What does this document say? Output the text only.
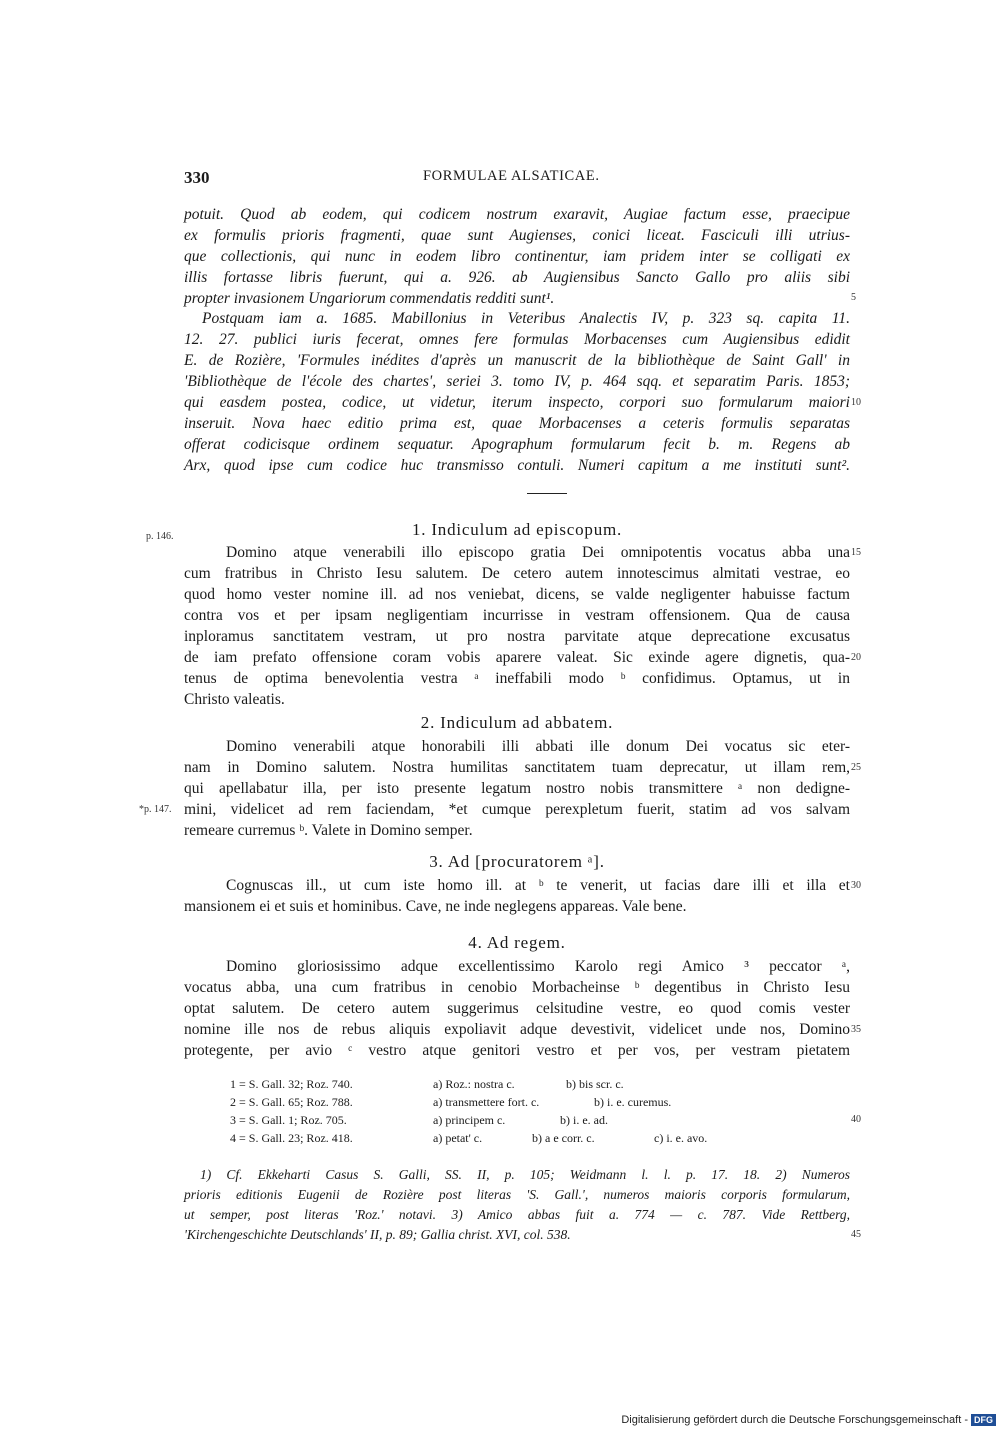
330	FORMULAE ALSATICAE.
potuit. Quod ab eodem, qui codicem nostrum exaravit, Augiae factum esse, praecipue
ex formulis prioris fragmenti, quae sunt Augienses, conici liceat. Fasciculi illi utrius-
que collectionis, qui nunc in eodem libro continentur, iam pridem inter se colligati ex
illis fortasse libris fuerunt, qui a. 926. ab Augiensibus Sancto Gallo pro aliis sibi
propter invasionem Ungariorum commendatis redditi sunt¹.
Postquam iam a. 1685. Mabillonius in Veteribus Analectis IV, p. 323 sq. capita 11.
12. 27. publici iuris fecerat, omnes fere formulas Morbacenses cum Augiensibus edidit
E. de Rozière, 'Formules inédites d'après un manuscrit de la bibliothèque de Saint Gall' in
'Bibliothèque de l'école des chartes', seriei 3. tomo IV, p. 464 sqq. et separatim Paris. 1853;
qui easdem postea, codice, ut videtur, iterum inspecto, corpori suo formularum maiori
inseruit. Nova haec editio prima est, quae Morbacenses a ceteris formulis separatas
offerat codicisque ordinem sequatur. Apographum formularum fecit b. m. Regens ab
Arx, quod ipse cum codice huc transmisso contuli. Numeri capitum a me instituti sunt².
p. 146.	1. Indiculum ad episcopum.
Domino atque venerabili illo episcopo gratia Dei omnipotentis vocatus abba una
cum fratribus in Christo Iesu salutem. De cetero autem innotescimus almitati vestrae, eo
quod homo vester nomine ill. ad nos veniebat, dicens, se valde negligenter habuisse factum
contra vos et per ipsam negligentiam incurrisse in vestram offensionem. Qua de causa
inploramus sanctitatem vestram, ut pro nostra parvitate atque deprecatione excusatus
de iam prefato offensione coram vobis aparere valeat. Sic exinde agere dignetis, qua-
tenus de optima benevolentia vestra ᵃ ineffabili modo ᵇ confidimus. Optamus, ut in
Christo valeatis.
2. Indiculum ad abbatem.
Domino venerabili atque honorabili illi abbati ille donum Dei vocatus sic eter-
nam in Domino salutem. Nostra humilitas sanctitatem tuam deprecatur, ut illam rem,
qui apellabatur illa, per isto presente legatum nostro nobis transmittere ᵃ non dedigne-
*p. 147. mini, videlicet ad rem faciendam, *et cumque perexpletum fuerit, statim ad vos salvam
remeare curremus ᵇ. Valete in Domino semper.
3. Ad [procuratorem ᵃ].
Cognuscas ill., ut cum iste homo ill. at ᵇ te venerit, ut facias dare illi et illa et
mansionem ei et suis et hominibus. Cave, ne inde neglegens appareas. Vale bene.
4. Ad regem.
Domino gloriosissimo adque excellentissimo Karolo regi Amico ³ peccator ᵃ,
vocatus abba, una cum fratribus in cenobio Morbacheinse ᵇ degentibus in Christo Iesu
optat salutem. De cetero autem suggerimus celsitudine vestre, eo quod comis vester
nomine ille nos de rebus aliquis expoliavit adque devestivit, videlicet unde nos, Domino
protegente, per avio ᶜ vestro atque genitori vestro et per vos, per vestram pietatem
1 = S. Gall. 32; Roz. 740.	a) Roz.: nostra c.	b) bis scr. c.
2 = S. Gall. 65; Roz. 788.	a) transmettere fort. c.	b) i. e. curemus.
3 = S. Gall. 1; Roz. 705.	a) principem c.	b) i. e. ad.
4 = S. Gall. 23; Roz. 418.	a) petat' c.	b) a e corr. c.	c) i. e. avo.
1) Cf. Ekkeharti Casus S. Galli, SS. II, p. 105; Weidmann l. l. p. 17. 18. 2) Numeros
prioris editionis Eugenii de Rozière post literas 'S. Gall.', numeros maioris corporis formularum,
ut semper, post literas 'Roz.' notavi. 3) Amico abbas fuit a. 774 — c. 787. Vide Rettberg,
'Kirchengeschichte Deutschlands' II, p. 89; Gallia christ. XVI, col. 538.
5
10
15
20
25
30
35
40
45
Digitalisierung gefördert durch die Deutsche Forschungsgemeinschaft - DFG
